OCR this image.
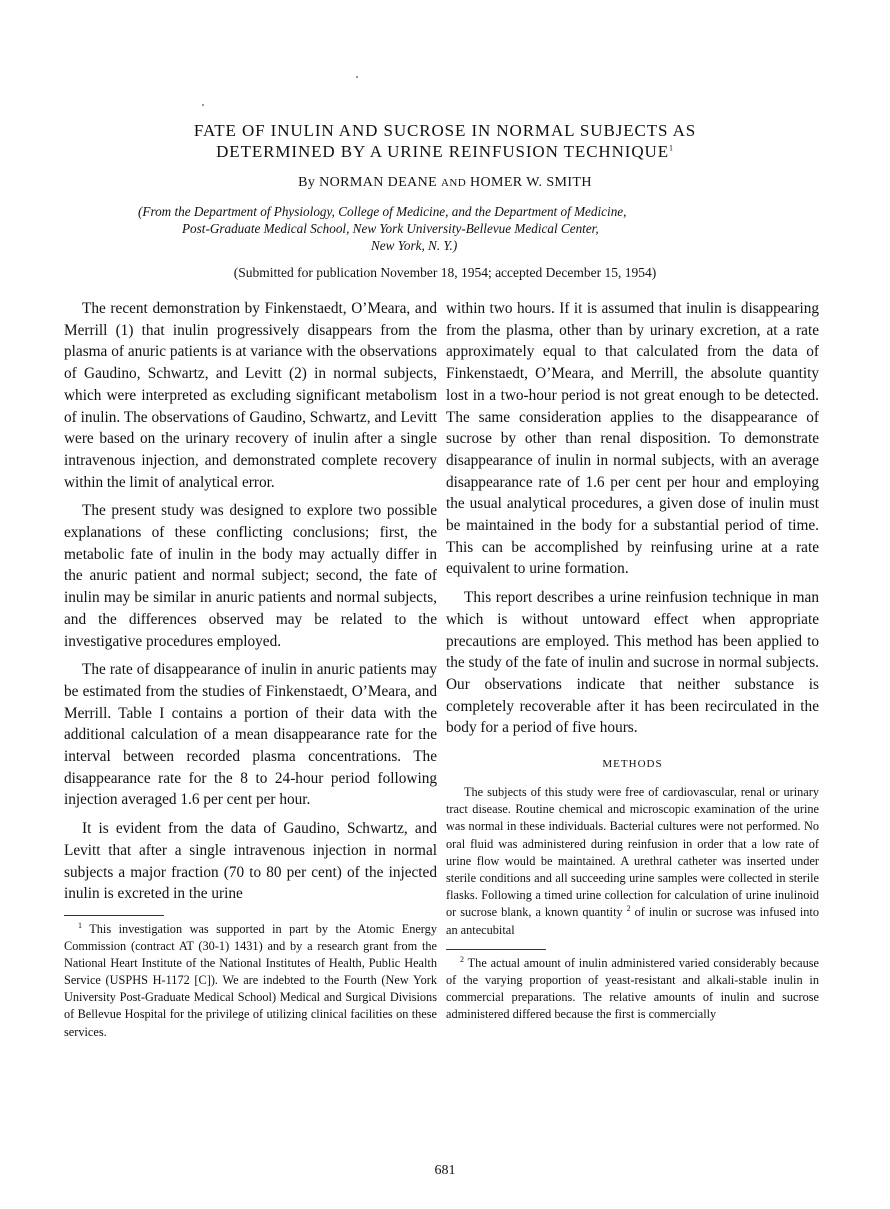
FATE OF INULIN AND SUCROSE IN NORMAL SUBJECTS AS
DETERMINED BY A URINE REINFUSION TECHNIQUE$^1$
By NORMAN DEANE AND HOMER W. SMITH
(From the Department of Physiology, College of Medicine, and the Department of Medicine,
Post-Graduate Medical School, New York University-Bellevue Medical Center,
New York, N. Y.)
(Submitted for publication November 18, 1954; accepted December 15, 1954)

The recent demonstration by Finkenstaedt, O’Meara, and Merrill (1) that inulin progressively disappears from the plasma of anuric patients is at variance with the observations of Gaudino, Schwartz, and Levitt (2) in normal subjects, which were interpreted as excluding significant metabolism of inulin. The observations of Gaudino, Schwartz, and Levitt were based on the urinary recovery of inulin after a single intravenous injection, and demonstrated complete recovery within the limit of analytical error.

The present study was designed to explore two possible explanations of these conflicting conclusions; first, the metabolic fate of inulin in the body may actually differ in the anuric patient and normal subject; second, the fate of inulin may be similar in anuric patients and normal subjects, and the differences observed may be related to the investigative procedures employed.

The rate of disappearance of inulin in anuric patients may be estimated from the studies of Finkenstaedt, O’Meara, and Merrill. Table I contains a portion of their data with the additional calculation of a mean disappearance rate for the interval between recorded plasma concentrations. The disappearance rate for the 8 to 24-hour period following injection averaged 1.6 per cent per hour.

It is evident from the data of Gaudino, Schwartz, and Levitt that after a single intravenous injection in normal subjects a major fraction (70 to 80 per cent) of the injected inulin is excreted in the urine

$^1$ This investigation was supported in part by the Atomic Energy Commission (contract AT (30-1) 1431) and by a research grant from the National Heart Institute of the National Institutes of Health, Public Health Service (USPHS H-1172 [C]). We are indebted to the Fourth (New York University Post-Graduate Medical School) Medical and Surgical Divisions of Bellevue Hospital for the privilege of utilizing clinical facilities on these services.

within two hours. If it is assumed that inulin is disappearing from the plasma, other than by urinary excretion, at a rate approximately equal to that calculated from the data of Finkenstaedt, O’Meara, and Merrill, the absolute quantity lost in a two-hour period is not great enough to be detected. The same consideration applies to the disappearance of sucrose by other than renal disposition. To demonstrate disappearance of inulin in normal subjects, with an average disappearance rate of 1.6 per cent per hour and employing the usual analytical procedures, a given dose of inulin must be maintained in the body for a substantial period of time. This can be accomplished by reinfusing urine at a rate equivalent to urine formation.

This report describes a urine reinfusion technique in man which is without untoward effect when appropriate precautions are employed. This method has been applied to the study of the fate of inulin and sucrose in normal subjects. Our observations indicate that neither substance is completely recoverable after it has been recirculated in the body for a period of five hours.

METHODS

The subjects of this study were free of cardiovascular, renal or urinary tract disease. Routine chemical and microscopic examination of the urine was normal in these individuals. Bacterial cultures were not performed. No oral fluid was administered during reinfusion in order that a low rate of urine flow would be maintained. A urethral catheter was inserted under sterile conditions and all succeeding urine samples were collected in sterile flasks. Following a timed urine collection for calculation of urine inulinoid or sucrose blank, a known quantity $^2$ of inulin or sucrose was infused into an antecubital

$^2$ The actual amount of inulin administered varied considerably because of the varying proportion of yeast-resistant and alkali-stable inulin in commercial preparations. The relative amounts of inulin and sucrose administered differed because the first is commercially

681
